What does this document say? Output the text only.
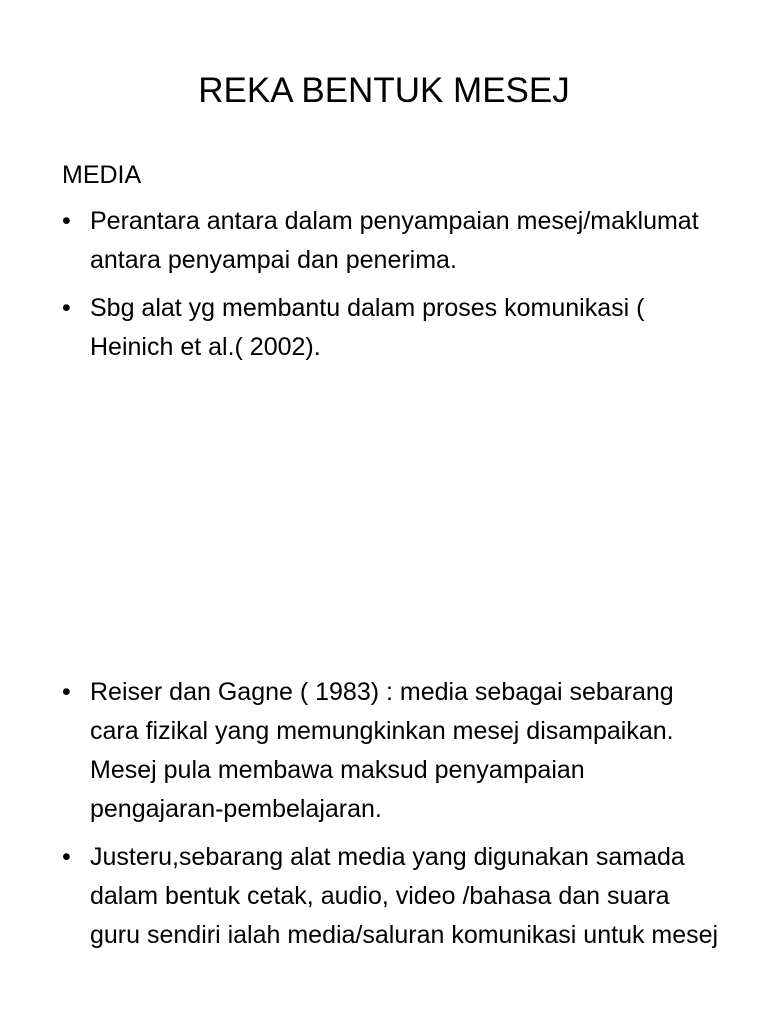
REKA BENTUK MESEJ
MEDIA
• Perantara antara dalam penyampaian mesej/maklumat antara penyampai dan penerima.
• Sbg alat yg membantu dalam proses komunikasi ( Heinich et al.( 2002).
• Reiser dan Gagne ( 1983) : media sebagai sebarang cara fizikal yang memungkinkan mesej disampaikan. Mesej pula membawa maksud penyampaian pengajaran-pembelajaran.
• Justeru,sebarang alat media yang digunakan samada dalam bentuk cetak, audio, video /bahasa dan suara guru sendiri ialah media/saluran komunikasi untuk mesej
